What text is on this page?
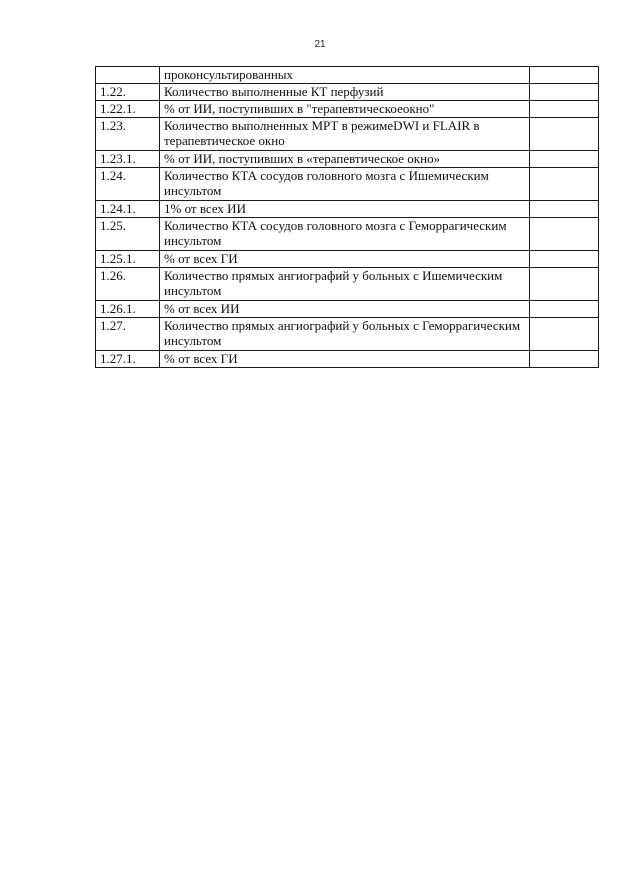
21
	проконсультированных	
1.22.	Количество выполненные КТ перфузий	
1.22.1.	% от ИИ, поступивших в "терапевтическоеокно"	
1.23.	Количество выполненных МРТ в режимеDWI и FLAIR в терапевтическое окно	
1.23.1.	% от ИИ, поступивших в «терапевтическое окно»	
1.24.	Количество КТА сосудов головного мозга с Ишемическим инсультом	
1.24.1.	1% от всех ИИ	
1.25.	Количество КТА сосудов головного мозга с Геморрагическим инсультом	
1.25.1.	% от всех ГИ	
1.26.	Количество прямых ангиографий у больных с Ишемическим инсультом	
1.26.1.	% от всех ИИ	
1.27.	Количество прямых ангиографий у больных с Геморрагическим инсультом	
1.27.1.	% от всех ГИ	
